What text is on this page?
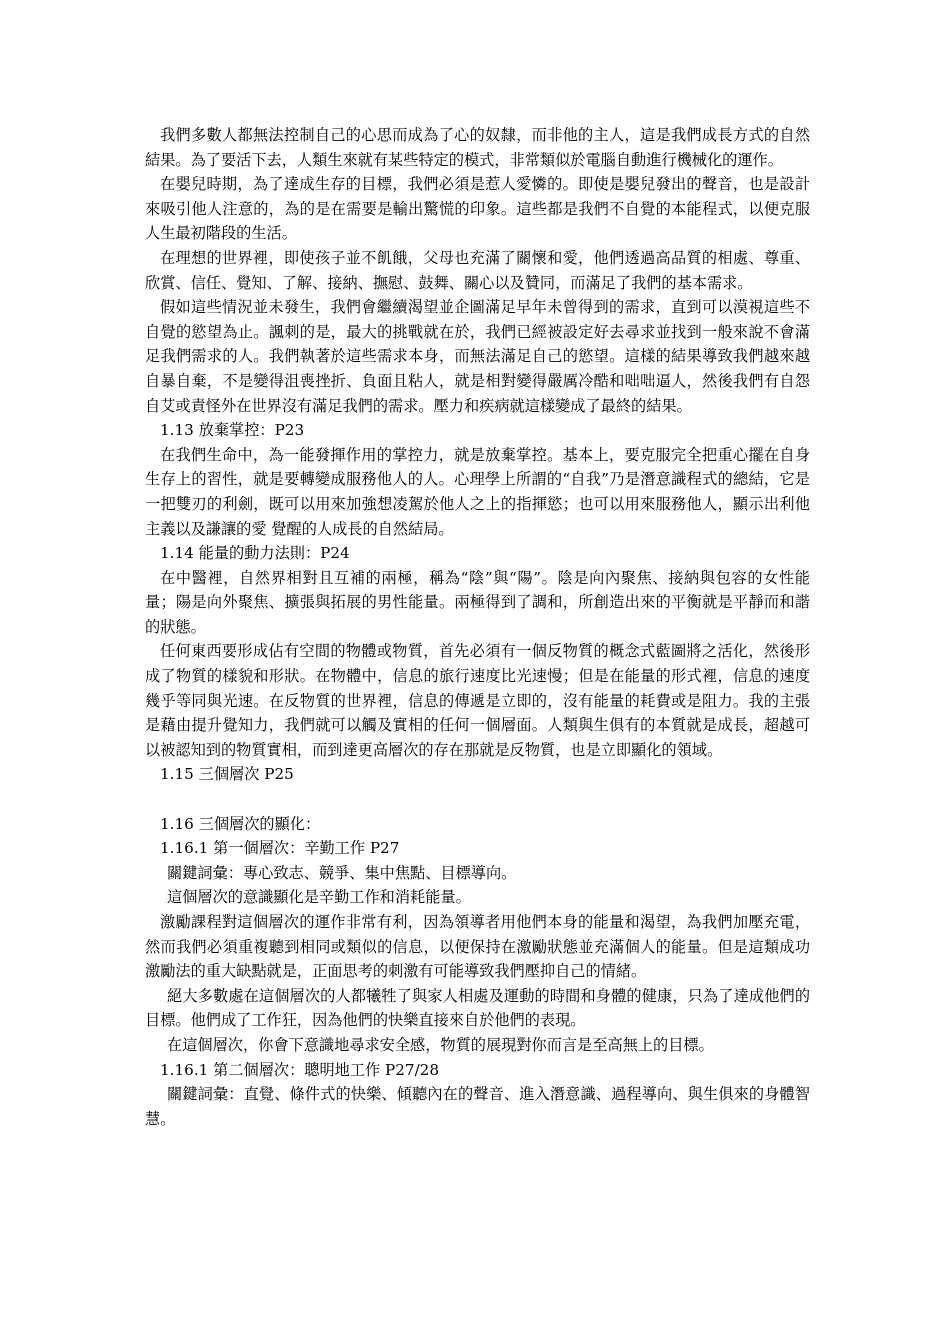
我們多數人都無法控制自己的心思而成為了心的奴隸，而非他的主人，這是我們成長方式的自然結果。為了要活下去，人類生來就有某些特定的模式，非常類似於電腦自動進行機械化的運作。

在嬰兒時期，為了達成生存的目標，我們必須是惹人愛憐的。即使是嬰兒發出的聲音，也是設計來吸引他人注意的，為的是在需要是輸出驚慌的印象。這些都是我們不自覺的本能程式，以便克服人生最初階段的生活。

在理想的世界裡，即使孩子並不飢餓，父母也充滿了關懷和愛，他們透過高品質的相處、尊重、欣賞、信任、覺知、了解、接納、撫慰、鼓舞、關心以及贊同，而滿足了我們的基本需求。

假如這些情況並未發生，我們會繼續渴望並企圖滿足早年未曾得到的需求，直到可以漠視這些不自覺的慾望為止。諷刺的是，最大的挑戰就在於，我們已經被設定好去尋求並找到一般來說不會滿足我們需求的人。我們執著於這些需求本身，而無法滿足自己的慾望。這樣的結果導致我們越來越自暴自棄，不是變得沮喪挫折、負面且粘人，就是相對變得嚴厲冷酷和咄咄逼人，然後我們有自怨自艾或責怪外在世界沒有滿足我們的需求。壓力和疾病就這樣變成了最終的結果。

1.13 放棄掌控：P23

在我們生命中，為一能發揮作用的掌控力，就是放棄掌控。基本上，要克服完全把重心擺在自身生存上的習性，就是要轉變成服務他人的人。心理學上所謂的“自我”乃是潛意識程式的總結，它是一把雙刃的利劍，既可以用來加強想凌駕於他人之上的指揮慾；也可以用來服務他人，顯示出利他主義以及謙讓的愛 覺醒的人成長的自然結局。

1.14 能量的動力法則：P24

在中醫裡，自然界相對且互補的兩極，稱為“陰”與“陽”。陰是向內聚焦、接納與包容的女性能量；陽是向外聚焦、擴張與拓展的男性能量。兩極得到了調和，所創造出來的平衡就是平靜而和諧的狀態。

任何東西要形成佔有空間的物體或物質，首先必須有一個反物質的概念式藍圖將之活化，然後形成了物質的樣貌和形狀。在物體中，信息的旅行速度比光速慢；但是在能量的形式裡，信息的速度幾乎等同與光速。在反物質的世界裡，信息的傳遞是立即的，沒有能量的耗費或是阻力。我的主張是藉由提升覺知力，我們就可以觸及實相的任何一個層面。人類與生俱有的本質就是成長，超越可以被認知到的物質實相，而到達更高層次的存在那就是反物質，也是立即顯化的領域。

1.15 三個層次 P25

1.16 三個層次的顯化：

1.16.1 第一個層次：辛勤工作 P27

關鍵詞彙：專心致志、競爭、集中焦點、目標導向。

這個層次的意識顯化是辛勤工作和消耗能量。

激勵課程對這個層次的運作非常有利，因為領導者用他們本身的能量和渴望，為我們加壓充電，然而我們必須重複聽到相同或類似的信息，以便保持在激勵狀態並充滿個人的能量。但是這類成功激勵法的重大缺點就是，正面思考的刺激有可能導致我們壓抑自己的情緒。

絕大多數處在這個層次的人都犧牲了與家人相處及運動的時間和身體的健康，只為了達成他們的目標。他們成了工作狂，因為他們的快樂直接來自於他們的表現。

在這個層次，你會下意識地尋求安全感，物質的展現對你而言是至高無上的目標。

1.16.1 第二個層次：聰明地工作 P27/28

關鍵詞彙：直覺、條件式的快樂、傾聽內在的聲音、進入潛意識、過程導向、與生俱來的身體智慧。
